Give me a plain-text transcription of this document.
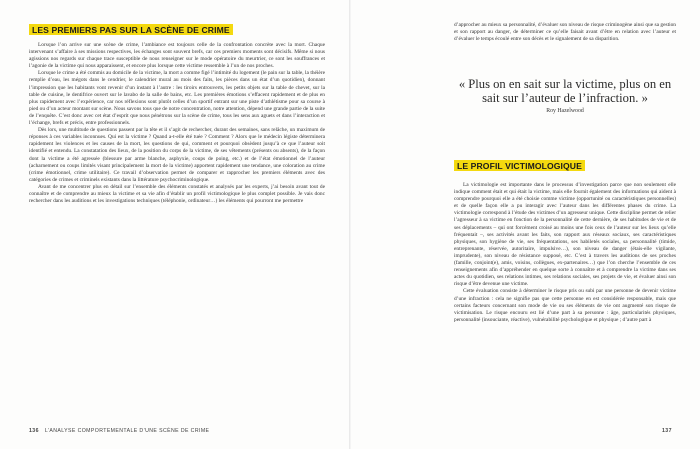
LES PREMIERS PAS SUR LA SCÈNE DE CRIME

Lorsque l’on arrive sur une scène de crime, l’ambiance est toujours celle de la confrontation concrète avec la mort. Chaque intervenant s’affaire à ses missions respectives, les échanges sont souvent brefs, car ces premiers moments sont décisifs. Même si nous agissions nos regards sur chaque trace susceptible de nous renseigner sur le mode opératoire du meurtrier, ce sont les souffrances et l’agonie de la victime qui nous apparaissent, et encore plus lorsque cette victime ressemble à l’un de nos proches.

Lorsque le crime a été commis au domicile de la victime, la mort a comme figé l’intimité du logement (le pain sur la table, la théière remplie d’eau, les mégots dans le cendrier, le calendrier mural au mois des faits, les pièces dans un état d’un quotidien), donnant l’impression que les habitants vont revenir d’un instant à l’autre : les tiroirs entrouverts, les petits objets sur la table de chevet, sur la table de cuisine, le dentifrice ouvert sur le lavabo de la salle de bains, etc. Les premières émotions s’effacent rapidement et de plus en plus rapidement avec l’expérience, car nos réflexions sont plutôt celles d’un sportif entrant sur une piste d’athlétisme pour sa course à pied ou d’un acteur montant sur scène. Nous savons tous que de notre concentration, notre attention, dépend une grande partie de la suite de l’enquête. C’est donc avec cet état d’esprit que nous pénétrons sur la scène de crime, tous les sens aux aguets et dans l’interaction et l’échange, brefs et précis, entre professionnels.

Dès lors, une multitude de questions passent par la tête et il s’agit de rechercher, durant des semaines, sans relâche, un maximum de réponses à ces variables inconnues. Qui est la victime ? Quand a-t-elle été tuée ? Comment ? Alors que le médecin légiste déterminera rapidement les violences et les causes de la mort, les questions de qui, comment et pourquoi obsèdent jusqu’à ce que l’auteur soit identifié et entendu. La constatation des lieux, de la position du corps de la victime, de ses vêtements (présents ou absents), de la façon dont la victime a été agressée (blessure par arme blanche, asphyxie, coups de poing, etc.) et de l’état émotionnel de l’auteur (acharnement ou coups limités visant principalement la mort de la victime) apportent rapidement une tendance, une coloration au crime (crime émotionnel, crime utilitaire). Ce travail d’observation permet de comparer et rapprocher les premiers éléments avec des catégories de crimes et criminels existants dans la littérature psychocriminologique.

Avant de me concentrer plus en détail sur l’ensemble des éléments constatés et analysés par les experts, j’ai besoin avant tout de connaître et de comprendre au mieux la victime et sa vie afin d’établir un profil victimologique le plus complet possible. Je vais donc rechercher dans les auditions et les investigations techniques (téléphonie, ordinateur…) les éléments qui pourront me permettre

136 L’ANALYSE COMPORTEMENTALE D’UNE SCÈNE DE CRIME

d’approcher au mieux sa personnalité, d’évaluer son niveau de risque criminogène ainsi que sa gestion et son rapport au danger, de déterminer ce qu’elle faisait avant d’être en relation avec l’auteur et d’évaluer le temps écoulé entre son décès et le signalement de sa disparition.

« Plus on en sait sur la victime, plus on en sait sur l’auteur de l’infraction. »
Roy Hazelwood
LE PROFIL VICTIMOLOGIQUE

La victimologie est importante dans le processus d’investigation parce que non seulement elle indique comment était et qui était la victime, mais elle fournit également des informations qui aident à comprendre pourquoi elle a été choisie comme victime (opportunité ou caractéristiques personnelles) et de quelle façon elle a pu interagir avec l’auteur dans les différentes phases du crime. La victimologie correspond à l’étude des victimes d’un agresseur unique. Cette discipline permet de relier l’agresseur à sa victime en fonction de la personnalité de cette dernière, de ses habitudes de vie et de ses déplacements – qui ont forcément croisé au moins une fois ceux de l’auteur sur les lieux qu’elle fréquentait –, ses activités avant les faits, son rapport aux réseaux sociaux, ses caractéristiques physiques, son hygiène de vie, ses fréquentations, ses habiletés sociales, sa personnalité (timide, entreprenante, réservée, autoritaire, impulsive…), son niveau de danger (étais-elle vigilante, imprudente), son niveau de résistance supposé, etc. C’est à travers les auditions de ses proches (famille, conjoint(e), amis, voisins, collègues, ex-partenaires…) que l’on cherche l’ensemble de ces renseignements afin d’appréhender en quelque sorte à connaître et à comprendre la victime dans ses actes du quotidien, ses relations intimes, ses relations sociales, ses projets de vie, et évaluer ainsi son risque d’être devenue une victime.

Cette évaluation consiste à déterminer le risque pris ou subi par une personne de devenir victime d’une infraction : cela ne signifie pas que cette personne en est considérée responsable, mais que certains facteurs concernant son mode de vie ou ses éléments de vie ont augmenté son risque de victimisation. Le risque encouru est lié d’une part à sa personne : âge, particularités physiques, personnalité (insouciante, réactive), vulnérabilité psychologique et physique ; d’autre part à

137
